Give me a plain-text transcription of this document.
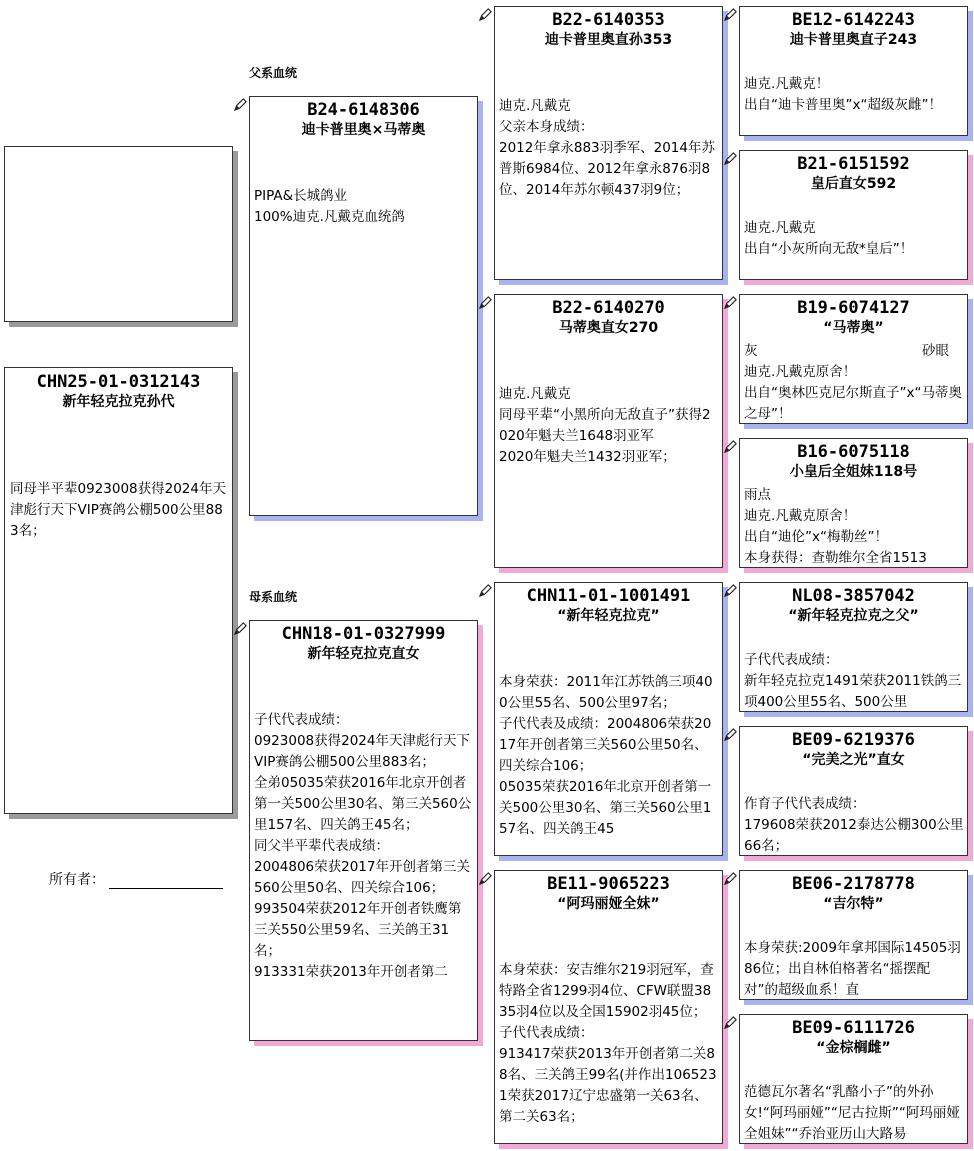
CHN25-01-0312143
新年轻克拉克孙代
同母半平辈0923008获得2024年天津彪行天下VIP赛鸽公棚500公里883名；
所有者：
父系血统
母系血统
B24-6148306
迪卡普里奥×马蒂奥
PIPA&长城鸽业
100%迪克.凡戴克血统鸽
CHN18-01-0327999
新年轻克拉克直女
子代代表成绩：
0923008获得2024年天津彪行天下VIP赛鸽公棚500公里883名；
全弟05035荣获2016年北京开创者第一关500公里30名、第三关560公里157名、四关鸽王45名；
同父半平辈代表成绩：
2004806荣获2017年开创者第三关560公里50名、四关综合106；
993504荣获2012年开创者铁鹰第三关550公里59名、三关鸽王31名；
913331荣获2013年开创者第二
B22-6140353
迪卡普里奥直孙353
迪克.凡戴克
父亲本身成绩：
2012年拿永883羽季军、2014年苏普斯6984位、2012年拿永876羽8位、2014年苏尔顿437羽9位；
B22-6140270
马蒂奥直女270
迪克.凡戴克
同母平辈“小黑所向无敌直子”获得2020年魁夫兰1648羽亚军
2020年魁夫兰1432羽亚军；
CHN11-01-1001491
“新年轻克拉克”
本身荣获：2011年江苏铁鸽三项400公里55名、500公里97名；
子代代表及成绩：2004806荣获2017年开创者第三关560公里50名、四关综合106；
05035荣获2016年北京开创者第一关500公里30名、第三关560公里157名、四关鸽王45
BE11-9065223
“阿玛丽娅全妹”
本身荣获：安吉维尔219羽冠军，查特路全省1299羽4位、CFW联盟3835羽4位以及全国15902羽45位；
子代代表成绩：
913417荣获2013年开创者第二关88名、三关鸽王99名(并作出1065231荣获2017辽宁忠盛第一关63名、第二关63名；
BE12-6142243
迪卡普里奥直子243
迪克.凡戴克！
出自“迪卡普里奥”x“超级灰雌”！
B21-6151592
皇后直女592
迪克.凡戴克
出自“小灰所向无敌*皇后”！
B19-6074127
“马蒂奥”
灰	砂眼
迪克.凡戴克原舍！
出自“奥林匹克尼尔斯直子”x“马蒂奥之母”！
B16-6075118
小皇后全姐妹118号
雨点
迪克.凡戴克原舍！
出自“迪伦”x“梅勒丝”！
本身获得：查勒维尔全省1513
NL08-3857042
“新年轻克拉克之父”
子代代表成绩：
新年轻克拉克1491荣获2011铁鸽三项400公里55名、500公里
BE09-6219376
“完美之光”直女
作育子代代表成绩：
179608荣获2012泰达公棚300公里66名；
BE06-2178778
“吉尔特”
本身荣获:2009年拿邦国际14505羽86位；出自林伯格著名“摇摆配对”的超级血系！直
BE09-6111726
“金棕榈雌”
范德瓦尔著名“乳酪小子”的外孙女!“阿玛丽娅”“尼古拉斯”“阿玛丽娅全姐妹”“乔治亚历山大路易
